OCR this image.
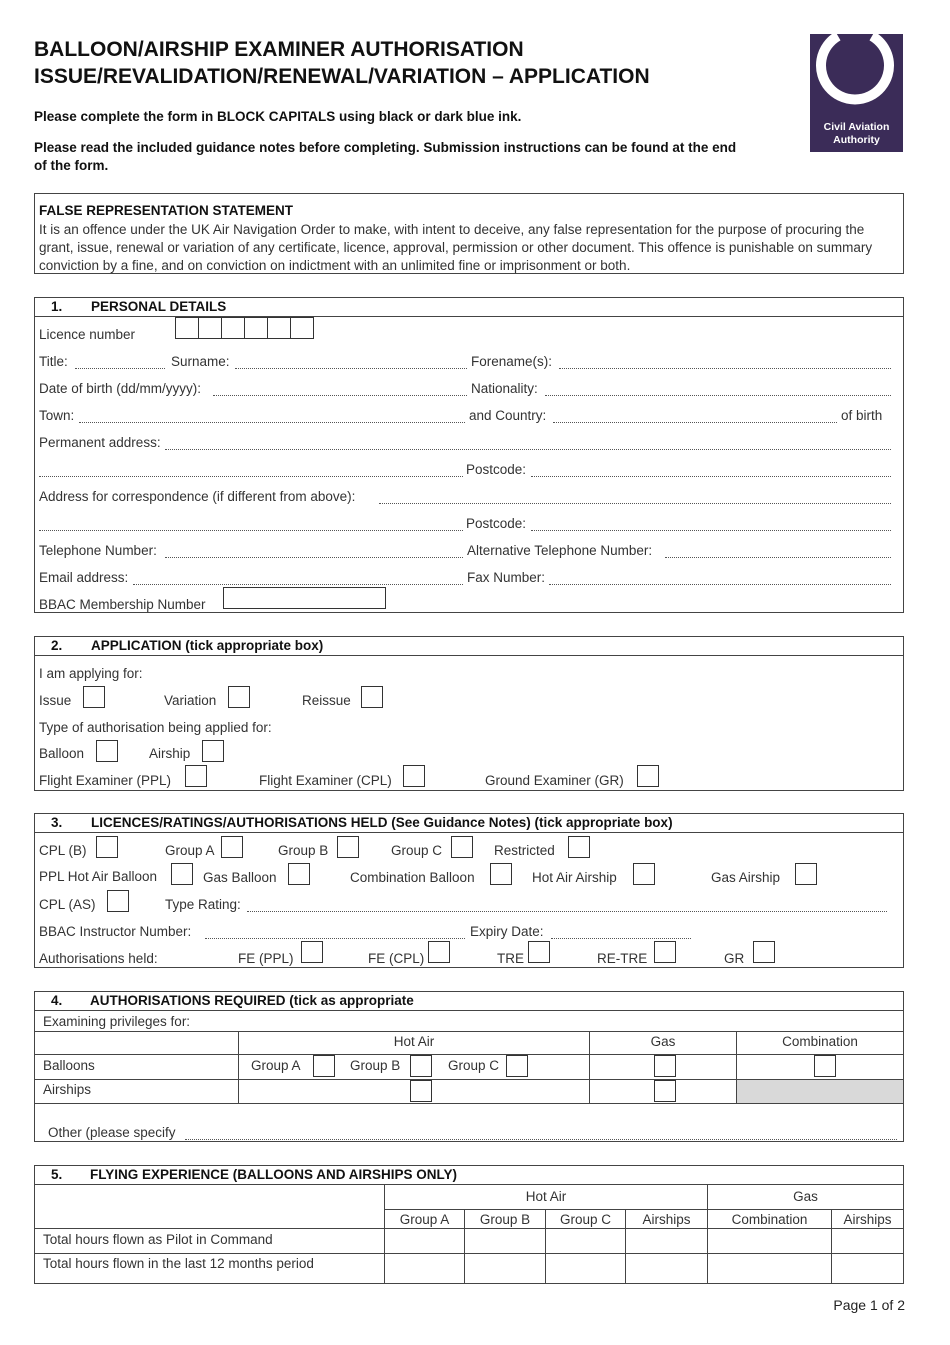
BALLOON/AIRSHIP EXAMINER AUTHORISATION
ISSUE/REVALIDATION/RENEWAL/VARIATION – APPLICATION
Please complete the form in BLOCK CAPITALS using black or dark blue ink.
Please read the included guidance notes before completing. Submission instructions can be found at the end
of the form.
Civil Aviation
Authority
FALSE REPRESENTATION STATEMENT
It is an offence under the UK Air Navigation Order to make, with intent to deceive, any false representation for the purpose of procuring the grant, issue, renewal or variation of any certificate, licence, approval, permission or other document. This offence is punishable on summary conviction by a fine, and on conviction on indictment with an unlimited fine or imprisonment or both.
1. PERSONAL DETAILS
Licence number
Title:	Surname:	Forename(s):
Date of birth (dd/mm/yyyy):	Nationality:
Town:	and Country:	of birth
Permanent address:
Postcode:
Address for correspondence (if different from above):
Postcode:
Telephone Number:	Alternative Telephone Number:
Email address:	Fax Number:
BBAC Membership Number
2. APPLICATION (tick appropriate box)
I am applying for:
Issue	Variation	Reissue
Type of authorisation being applied for:
Balloon	Airship
Flight Examiner (PPL)	Flight Examiner (CPL)	Ground Examiner (GR)
3. LICENCES/RATINGS/AUTHORISATIONS HELD (See Guidance Notes) (tick appropriate box)
CPL (B)	Group A	Group B	Group C	Restricted
PPL Hot Air Balloon	Gas Balloon	Combination Balloon	Hot Air Airship	Gas Airship
CPL (AS)	Type Rating:
BBAC Instructor Number:	Expiry Date:
Authorisations held:	FE (PPL)	FE (CPL)	TRE	RE-TRE	GR
4. AUTHORISATIONS REQUIRED (tick as appropriate
Examining privileges for:
Hot Air	Gas	Combination
Balloons	Group A	Group B	Group C
Airships
Other (please specify
5. FLYING EXPERIENCE (BALLOONS AND AIRSHIPS ONLY)
Hot Air	Gas
Group A	Group B	Group C	Airships	Combination	Airships
Total hours flown as Pilot in Command
Total hours flown in the last 12 months period
Page 1 of 2
